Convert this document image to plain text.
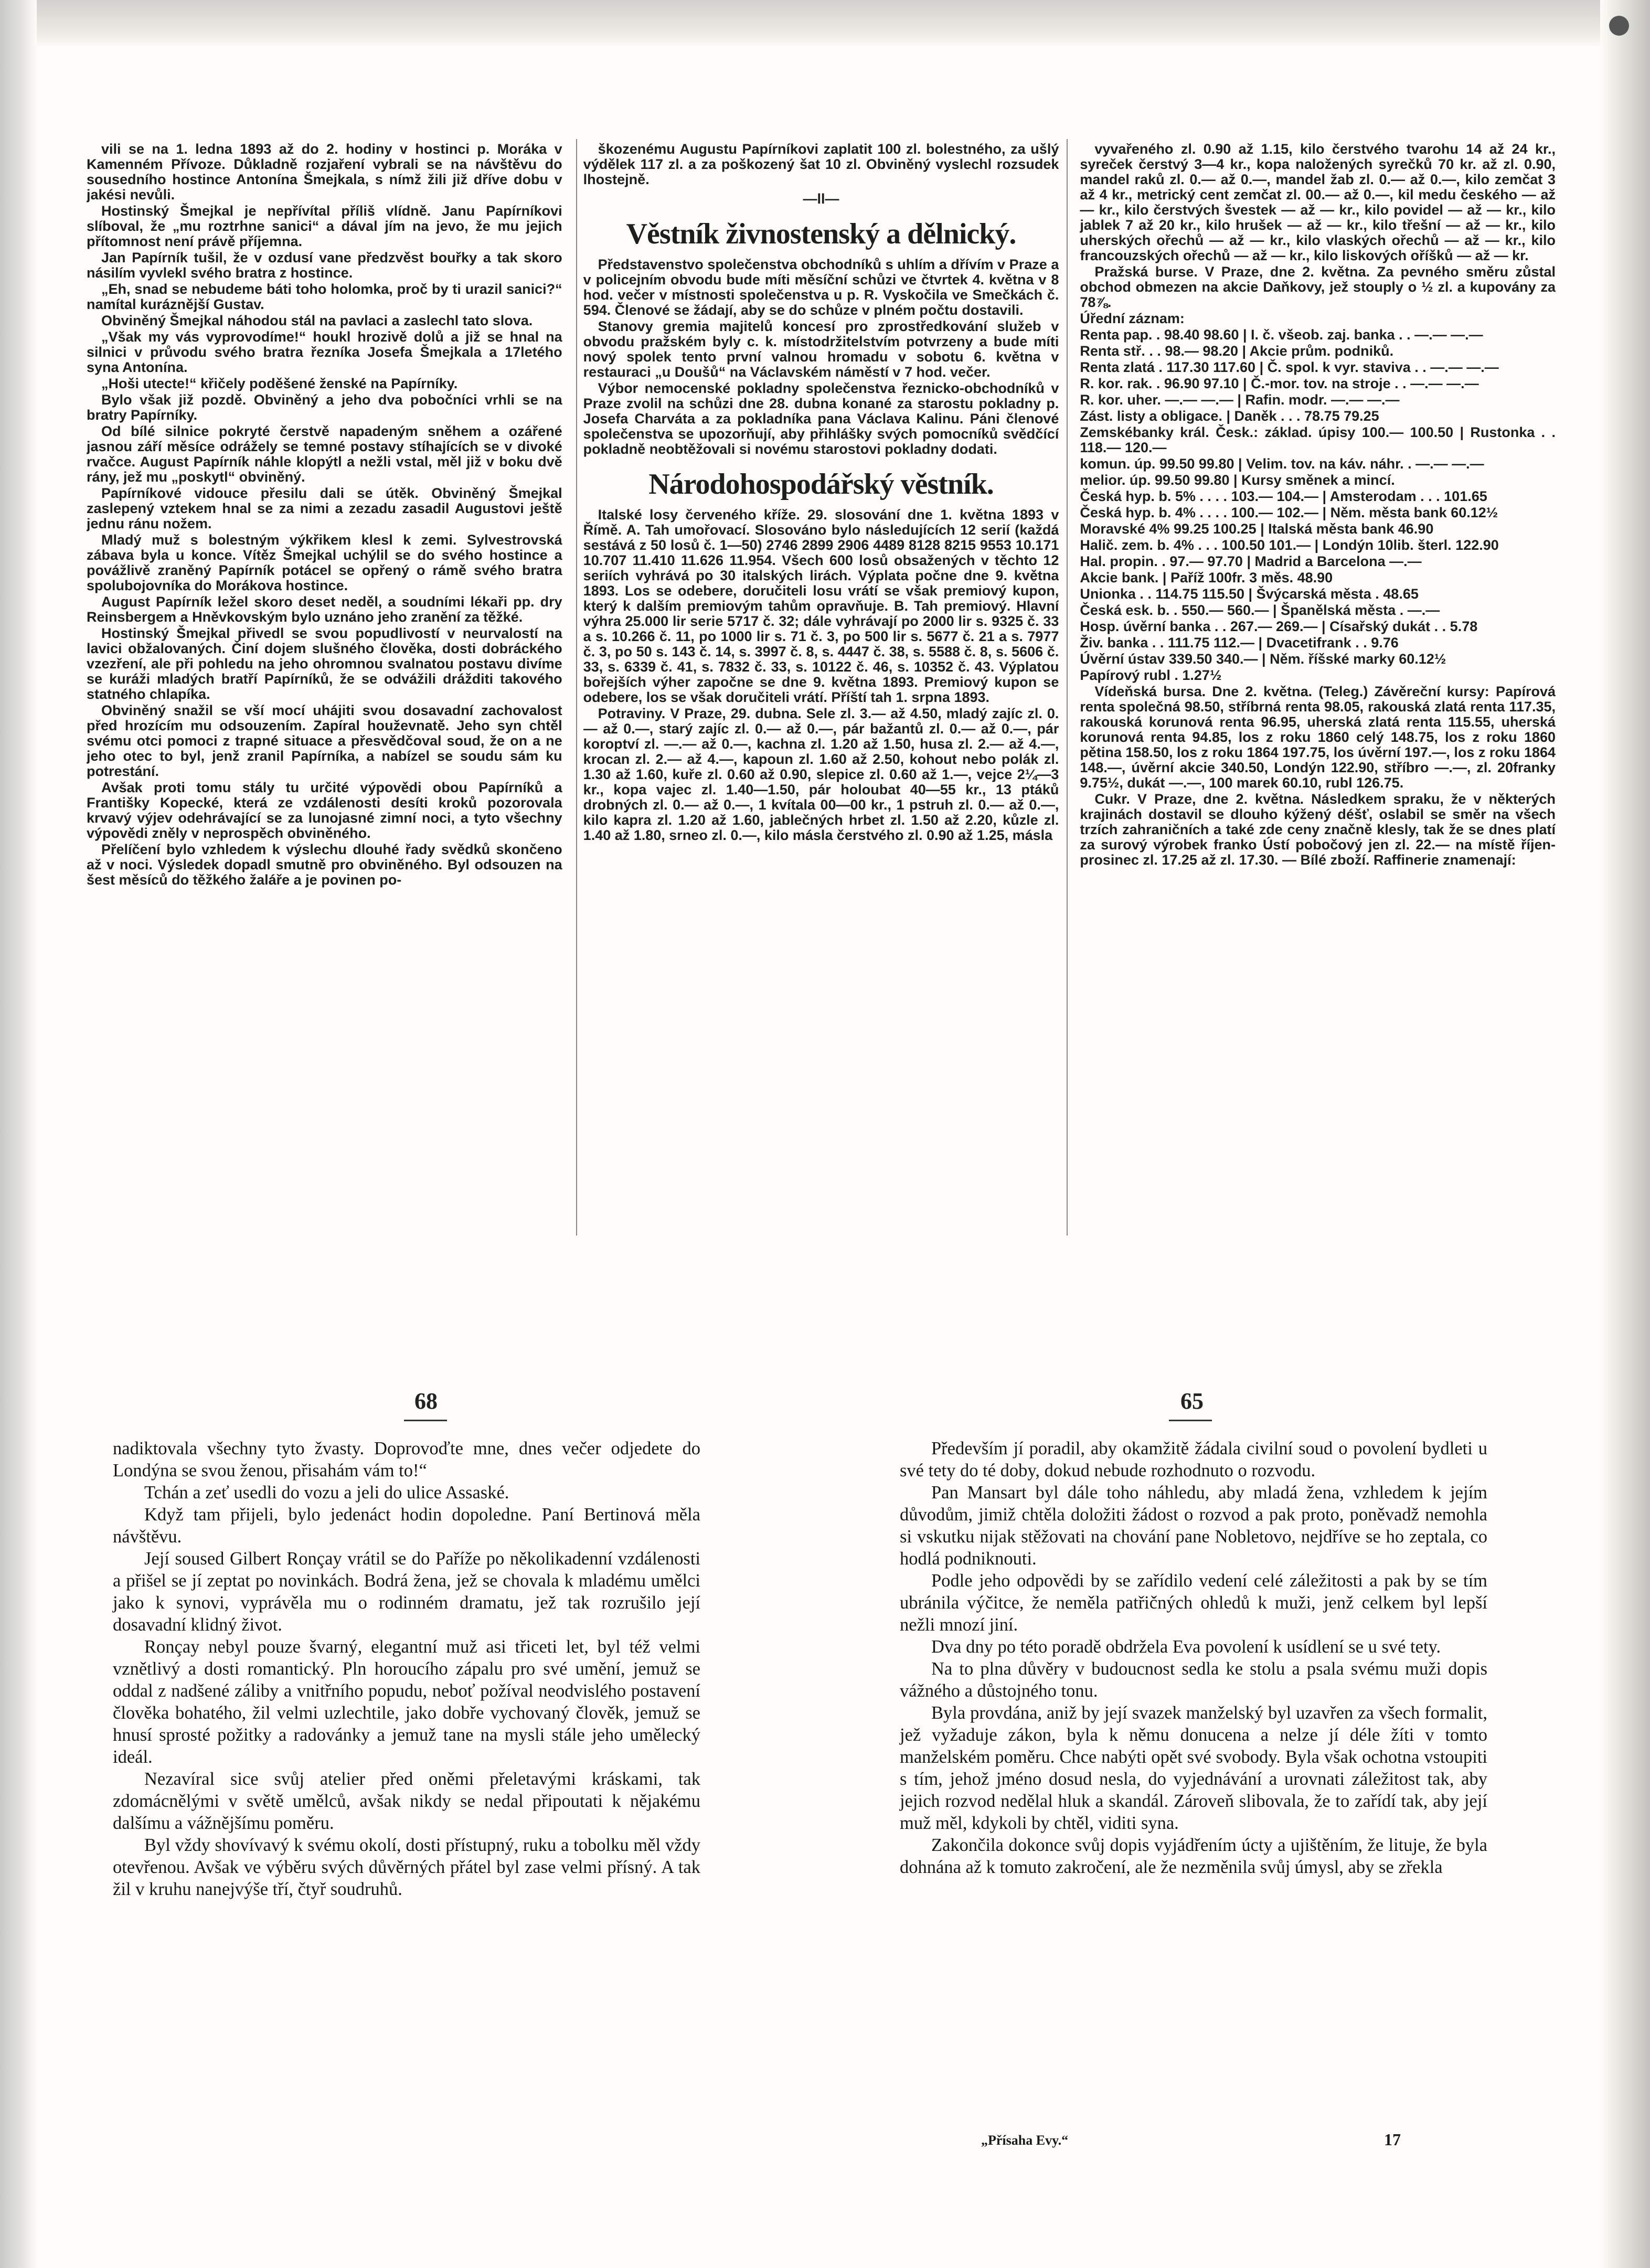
vili se na 1. ledna 1893 až do 2. hodiny v hostinci p. Moráka v Kamenném Přívoze. Důkladně rozjaření vybrali se na návštěvu do sousedního hostince Antonína Šmejkala, s nímž žili již dříve dobu v jakési nevůli.

Hostinský Šmejkal je nepřívítal příliš vlídně. Janu Papírníkovi slíboval, že „mu roztrhne sanici“ a dával jím na jevo, že mu jejich přítomnost není právě příjemna.

Jan Papírník tušil, že v ozdusí vane předzvěst bouřky a tak skoro násilím vyvlekl svého bratra z hostince.

„Eh, snad se nebudeme báti toho holomka, proč by ti urazil sanici?“ namítal kuráznější Gustav.

Obviněný Šmejkal náhodou stál na pavlaci a zaslechl tato slova.

„Však my vás vyprovodíme!“ houkl hrozivě dolů a již se hnal na silnici v průvodu svého bratra řezníka Josefa Šmejkala a 17letého syna Antonína.

„Hoši utecte!“ křičely poděšené ženské na Papírníky.

Bylo však již pozdě. Obviněný a jeho dva pobočníci vrhli se na bratry Papírníky.

Od bílé silnice pokryté čerstvě napadeným sněhem a ozářené jasnou září měsíce odrážely se temné postavy stíhajících se v divoké rvačce. August Papírník náhle klopýtl a nežli vstal, měl již v boku dvě rány, jež mu „poskytl“ obviněný.

Papírníkové vidouce přesilu dali se útěk. Obviněný Šmejkal zaslepený vztekem hnal se za nimi a zezadu zasadil Augustovi ještě jednu ránu nožem.

Mladý muž s bolestným výkřikem klesl k zemi. Sylvestrovská zábava byla u konce. Vítěz Šmejkal uchýlil se do svého hostince a povážlivě zraněný Papírník potácel se opřený o rámě svého bratra spolubojovníka do Morákova hostince.

August Papírník ležel skoro deset neděl, a soudními lékaři pp. dry Reinsbergem a Hněvkovským bylo uznáno jeho zranění za těžké.

Hostinský Šmejkal přivedl se svou popudlivostí v neurvalostí na lavici obžalovaných. Činí dojem slušného člověka, dosti dobráckého vzezření, ale při pohledu na jeho ohromnou svalnatou postavu divíme se kuráži mladých bratří Papírníků, že se odvážili drážditi takového statného chlapíka.

Obviněný snažil se vší mocí uhájiti svou dosavadní zachovalost před hrozícím mu odsouzením. Zapíral houževnatě. Jeho syn chtěl svému otci pomoci z trapné situace a přesvědčoval soud, že on a ne jeho otec to byl, jenž zranil Papírníka, a nabízel se soudu sám ku potrestání.

Avšak proti tomu stály tu určité výpovědi obou Papírníků a Františky Kopecké, která ze vzdálenosti desíti kroků pozorovala krvavý výjev odehrávající se za lunojasné zimní noci, a tyto všechny výpovědi zněly v neprospěch obviněného.

Přelíčení bylo vzhledem k výslechu dlouhé řady svědků skončeno až v noci. Výsledek dopadl smutně pro obviněného. Byl odsouzen na šest měsíců do těžkého žaláře a je povinen po-

škozenému Augustu Papírníkovi zaplatit 100 zl. bolestného, za ušlý výdělek 117 zl. a za poškozený šat 10 zl. Obviněný vyslechl rozsudek lhostejně.

—ll—

Věstník živnostenský a dělnický.

Představenstvo společenstva obchodníků s uhlím a dřívím v Praze a v policejním obvodu bude míti měsíční schůzi ve čtvrtek 4. května v 8 hod. večer v místnosti společenstva u p. R. Vyskočila ve Smečkách č. 594. Členové se žádají, aby se do schůze v plném počtu dostavili.

Stanovy gremia majitelů koncesí pro zprostředkování služeb v obvodu pražském byly c. k. místodržitelstvím potvrzeny a bude míti nový spolek tento první valnou hromadu v sobotu 6. května v restauraci „u Doušů“ na Václavském náměstí v 7 hod. večer.

Výbor nemocenské pokladny společenstva řeznicko-obchodníků v Praze zvolil na schůzi dne 28. dubna konané za starostu pokladny p. Josefa Charváta a za pokladníka pana Václava Kalinu. Páni členové společenstva se upozorňují, aby přihlášky svých pomocníků svědčící pokladně neobtěžovali si novému starostovi pokladny dodati.

Národohospodářský věstník.

Italské losy červeného kříže. 29. slosování dne 1. května 1893 v Římě. A. Tah umořovací. Slosováno bylo následujících 12 serií (každá sestává z 50 losů č. 1—50) 2746 2899 2906 4489 8128 8215 9553 10.171 10.707 11.410 11.626 11.954. Všech 600 losů obsažených v těchto 12 seriích vyhrává po 30 italských lirách. Výplata počne dne 9. května 1893. Los se odebere, doručiteli losu vrátí se však premiový kupon, který k dalším premiovým tahům opravňuje. B. Tah premiový. Hlavní výhra 25.000 lir serie 5717 č. 32; dále vyhrávají po 2000 lir s. 9325 č. 33 a s. 10.266 č. 11, po 1000 lir s. 71 č. 3, po 500 lir s. 5677 č. 21 a s. 7977 č. 3, po 50 s. 143 č. 14, s. 3997 č. 8, s. 4447 č. 38, s. 5588 č. 8, s. 5606 č. 33, s. 6339 č. 41, s. 7832 č. 33, s. 10122 č. 46, s. 10352 č. 43. Výplatou bořejších výher započne se dne 9. května 1893. Premiový kupon se odebere, los se však doručiteli vrátí. Příští tah 1. srpna 1893.

Potraviny. V Praze, 29. dubna. Sele zl. 3.— až 4.50, mladý zajíc zl. 0.— až 0.—, starý zajíc zl. 0.— až 0.—, pár bažantů zl. 0.— až 0.—, pár koroptví zl. —.— až 0.—, kachna zl. 1.20 až 1.50, husa zl. 2.— až 4.—, krocan zl. 2.— až 4.—, kapoun zl. 1.60 až 2.50, kohout nebo polák zl. 1.30 až 1.60, kuře zl. 0.60 až 0.90, slepice zl. 0.60 až 1.—, vejce 2¼—3 kr., kopa vajec zl. 1.40—1.50, pár holoubat 40—55 kr., 13 ptáků drobných zl. 0.— až 0.—, 1 kvítala 00—00 kr., 1 pstruh zl. 0.— až 0.—, kilo kapra zl. 1.20 až 1.60, jablečných hrbet zl. 1.50 až 2.20, kůzle zl. 1.40 až 1.80, srneo zl. 0.—, kilo másla čerstvého zl. 0.90 až 1.25, másla

vyvařeného zl. 0.90 až 1.15, kilo čerstvého tvarohu 14 až 24 kr., syreček čerstvý 3—4 kr., kopa naložených syrečků 70 kr. až zl. 0.90, mandel raků zl. 0.— až 0.—, mandel žab zl. 0.— až 0.—, kilo zemčat 3 až 4 kr., metrický cent zemčat zl. 00.— až 0.—, kil medu českého — až — kr., kilo čerstvých švestek — až — kr., kilo povidel — až — kr., kilo jablek 7 až 20 kr., kilo hrušek — až — kr., kilo třešní — až — kr., kilo uherských ořechů — až — kr., kilo vlaských ořechů — až — kr., kilo francouzských ořechů — až — kr., kilo liskových oříšků — až — kr.

Pražská burse. V Praze, dne 2. května. Za pevného směru zůstal obchod obmezen na akcie Daňkovy, jež stouply o ½ zl. a kupovány za 78⅞.

Úřední záznam:

Renta pap. . 98.40 98.60 | I. č. všeob. zaj. banka . . —.— —.—

Renta stř. . . 98.— 98.20 | Akcie prům. podniků.

Renta zlatá . 117.30 117.60 | Č. spol. k vyr. staviva . . —.— —.—

R. kor. rak. . 96.90 97.10 | Č.-mor. tov. na stroje . . —.— —.—

R. kor. uher. —.— —.— | Rafin. modr. —.— —.—

Zást. listy a obligace. | Daněk . . . 78.75 79.25

Zemskébanky král. Česk.: základ. úpisy 100.— 100.50 | Rustonka . . 118.— 120.—

komun. úp. 99.50 99.80 | Velim. tov. na káv. náhr. . —.— —.—

melior. úp. 99.50 99.80 | Kursy směnek a mincí.

Česká hyp. b. 5% . . . . 103.— 104.— | Amsterodam . . . 101.65

Česká hyp. b. 4% . . . . 100.— 102.— | Něm. města bank 60.12½

Moravské 4% 99.25 100.25 | Italská města bank 46.90

Halič. zem. b. 4% . . . 100.50 101.— | Londýn 10lib. šterl. 122.90

Hal. propin. . 97.— 97.70 | Madrid a Barcelona —.—

Akcie bank. | Paříž 100fr. 3 měs. 48.90

Unionka . . 114.75 115.50 | Švýcarská města . 48.65

Česká esk. b. . 550.— 560.— | Španělská města . —.—

Hosp. úvěrní banka . . 267.— 269.— | Císařský dukát . . 5.78

Živ. banka . . 111.75 112.— | Dvacetifrank . . 9.76

Úvěrní ústav 339.50 340.— | Něm. říšské marky 60.12½

Papírový rubl . 1.27½

Vídeňská bursa. Dne 2. května. (Teleg.) Závěreční kursy: Papírová renta společná 98.50, stříbrná renta 98.05, rakouská zlatá renta 117.35, rakouská korunová renta 96.95, uherská zlatá renta 115.55, uherská korunová renta 94.85, los z roku 1860 celý 148.75, los z roku 1860 pětina 158.50, los z roku 1864 197.75, los úvěrní 197.—, los z roku 1864 148.—, úvěrní akcie 340.50, Londýn 122.90, stříbro —.—, zl. 20franky 9.75½, dukát —.—, 100 marek 60.10, rubl 126.75.

Cukr. V Praze, dne 2. května. Následkem spraku, že v některých krajinách dostavil se dlouho kýžený déšť, oslabil se směr na všech trzích zahraničních a také zde ceny značně klesly, tak že se dnes platí za surový výrobek franko Ústí pobočový jen zl. 22.— na místě říjen-prosinec zl. 17.25 až zl. 17.30. — Bílé zboží. Raffinerie znamenají:

68	65

nadiktovala všechny tyto žvasty. Doprovoďte mne, dnes večer odjedete do Londýna se svou ženou, přisahám vám to!“

Tchán a zeť usedli do vozu a jeli do ulice Assaské.

Když tam přijeli, bylo jedenáct hodin dopoledne. Paní Bertinová měla návštěvu.

Její soused Gilbert Ronçay vrátil se do Paříže po několikadenní vzdálenosti a přišel se jí zeptat po novinkách. Bodrá žena, jež se chovala k mladému umělci jako k synovi, vyprávěla mu o rodinném dramatu, jež tak rozrušilo její dosavadní klidný život.

Ronçay nebyl pouze švarný, elegantní muž asi třiceti let, byl též velmi vznětlivý a dosti romantický. Pln horoucího zápalu pro své umění, jemuž se oddal z nadšené záliby a vnitřního popudu, neboť požíval neodvislého postavení člověka bohatého, žil velmi uzlechtile, jako dobře vychovaný člověk, jemuž se hnusí sprosté požitky a radovánky a jemuž tane na mysli stále jeho umělecký ideál.

Nezavíral sice svůj atelier před oněmi přeletavými kráskami, tak zdomácnělými v světě umělců, avšak nikdy se nedal připoutati k nějakému dalšímu a vážnějšímu poměru.

Byl vždy shovívavý k svému okolí, dosti přístupný, ruku a tobolku měl vždy otevřenou. Avšak ve výběru svých důvěrných přátel byl zase velmi přísný. A tak žil v kruhu nanejvýše tří, čtyř soudruhů.

Především jí poradil, aby okamžitě žádala civilní soud o povolení bydleti u své tety do té doby, dokud nebude rozhodnuto o rozvodu.

Pan Mansart byl dále toho náhledu, aby mladá žena, vzhledem k jejím důvodům, jimiž chtěla doložiti žádost o rozvod a pak proto, poněvadž nemohla si vskutku nijak stěžovati na chování pane Nobletovo, nejdříve se ho zeptala, co hodlá podniknouti.

Podle jeho odpovědi by se zařídilo vedení celé záležitosti a pak by se tím ubránila výčitce, že neměla patřičných ohledů k muži, jenž celkem byl lepší nežli mnozí jiní.

Dva dny po této poradě obdržela Eva povolení k usídlení se u své tety.

Na to plna důvěry v budoucnost sedla ke stolu a psala svému muži dopis vážného a důstojného tonu.

Byla provdána, aniž by její svazek manželský byl uzavřen za všech formalit, jež vyžaduje zákon, byla k němu donucena a nelze jí déle žíti v tomto manželském poměru. Chce nabýti opět své svobody. Byla však ochotna vstoupiti s tím, jehož jméno dosud nesla, do vyjednávání a urovnati záležitost tak, aby jejich rozvod nedělal hluk a skandál. Zároveň slibovala, že to zařídí tak, aby její muž měl, kdykoli by chtěl, viditi syna.

Zakončila dokonce svůj dopis vyjádřením úcty a ujištěním, že lituje, že byla dohnána až k tomuto zakročení, ale že nezměnila svůj úmysl, aby se zřekla

„Přísaha Evy.“	17
